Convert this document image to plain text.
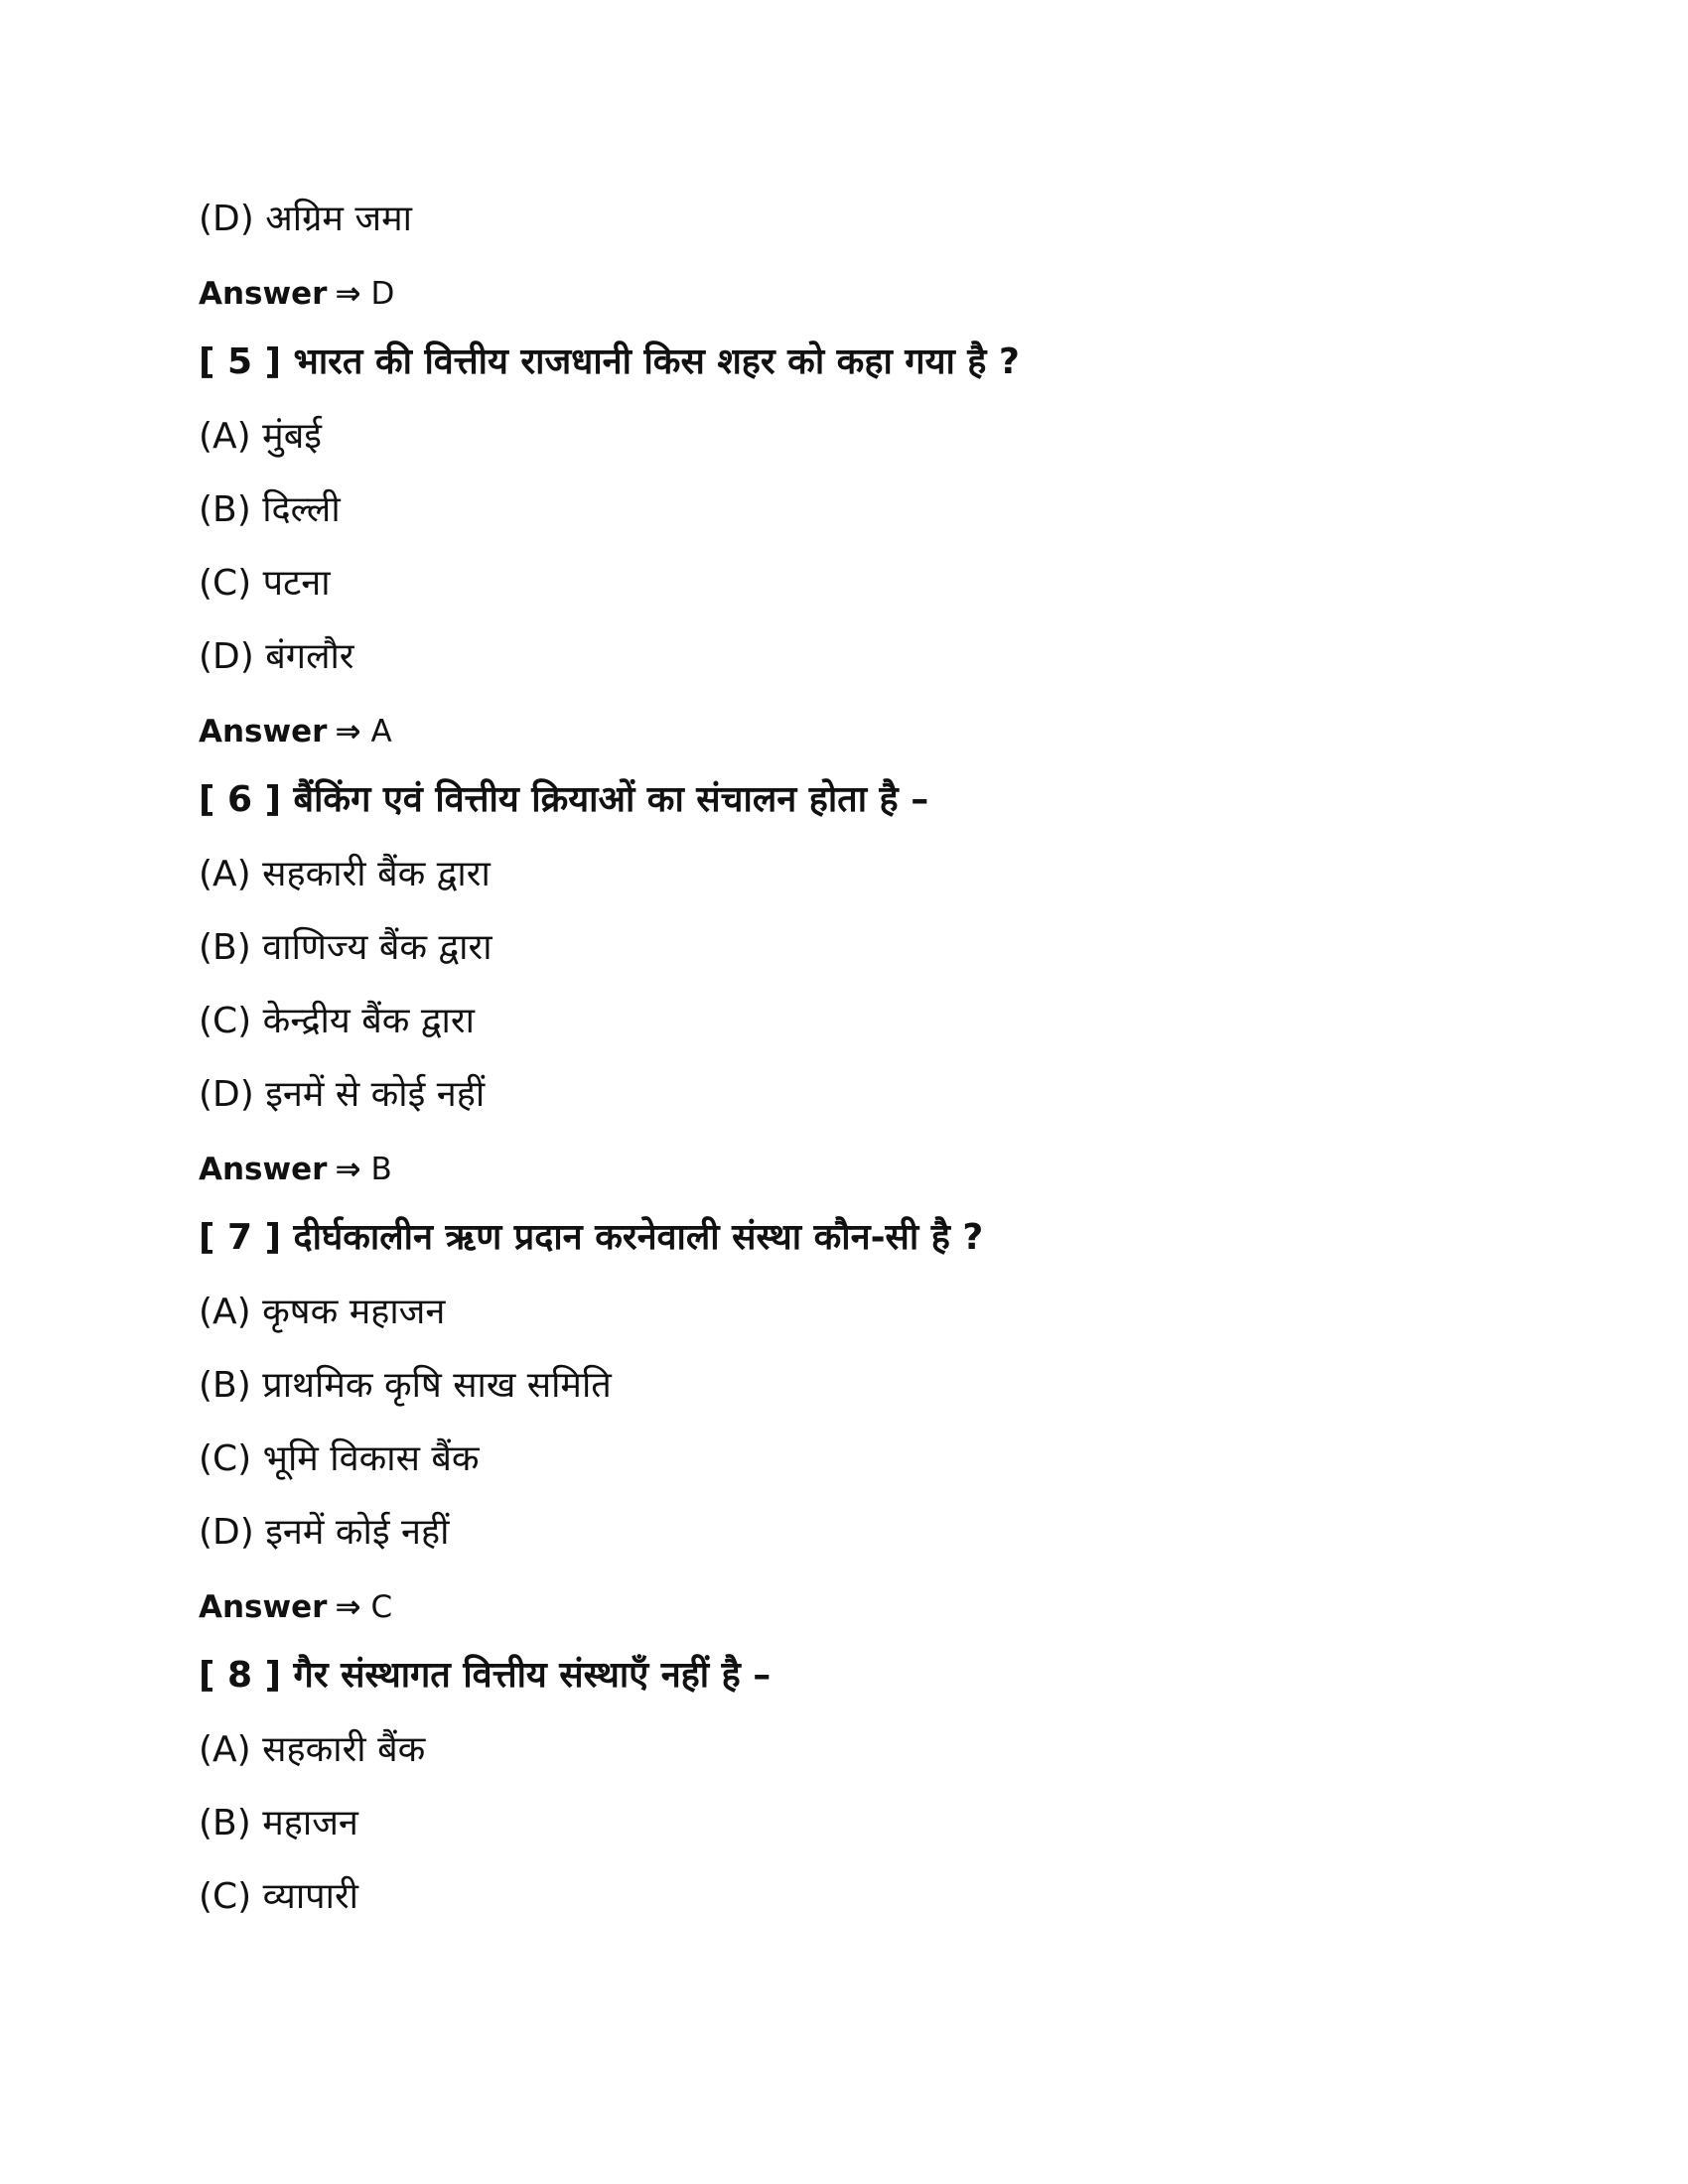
(D) अग्रिम जमा
Answer ⇒ D
[ 5 ] भारत की वित्तीय राजधानी किस शहर को कहा गया है ?
(A) मुंबई
(B) दिल्ली
(C) पटना
(D) बंगलौर
Answer ⇒ A
[ 6 ] बैंकिंग एवं वित्तीय क्रियाओं का संचालन होता है –
(A) सहकारी बैंक द्वारा
(B) वाणिज्य बैंक द्वारा
(C) केन्द्रीय बैंक द्वारा
(D) इनमें से कोई नहीं
Answer ⇒ B
[ 7 ] दीर्घकालीन ऋण प्रदान करनेवाली संस्था कौन-सी है ?
(A) कृषक महाजन
(B) प्राथमिक कृषि साख समिति
(C) भूमि विकास बैंक
(D) इनमें कोई नहीं
Answer ⇒ C
[ 8 ] गैर संस्थागत वित्तीय संस्थाएँ नहीं है –
(A) सहकारी बैंक
(B) महाजन
(C) व्यापारी
